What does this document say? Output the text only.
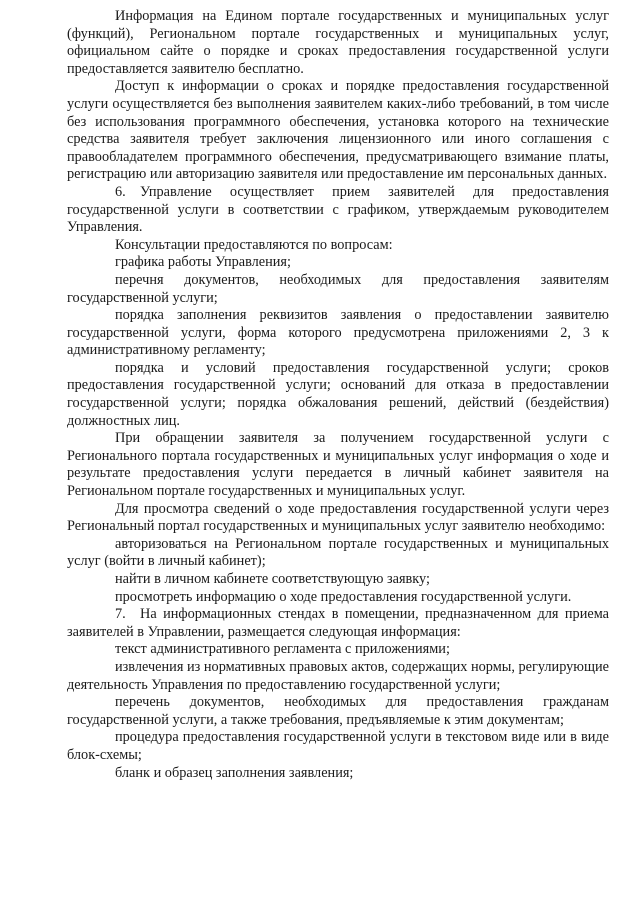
Информация на Едином портале государственных и муниципальных услуг (функций), Региональном портале государственных и муниципальных услуг, официальном сайте о порядке и сроках предоставления государственной услуги предоставляется заявителю бесплатно.

Доступ к информации о сроках и порядке предоставления государственной услуги осуществляется без выполнения заявителем каких-либо требований, в том числе без использования программного обеспечения, установка которого на технические средства заявителя требует заключения лицензионного или иного соглашения с правообладателем программного обеспечения, предусматривающего взимание платы, регистрацию или авторизацию заявителя или предоставление им персональных данных.

6. Управление осуществляет прием заявителей для предоставления государственной услуги в соответствии с графиком, утверждаемым руководителем Управления.

Консультации предоставляются по вопросам:

графика работы Управления;

перечня документов, необходимых для предоставления заявителям государственной услуги;

порядка заполнения реквизитов заявления о предоставлении заявителю государственной услуги, форма которого предусмотрена приложениями 2, 3 к административному регламенту;

порядка и условий предоставления государственной услуги; сроков предоставления государственной услуги; оснований для отказа в предоставлении государственной услуги; порядка обжалования решений, действий (бездействия) должностных лиц.

При обращении заявителя за получением государственной услуги с Регионального портала государственных и муниципальных услуг информация о ходе и результате предоставления услуги передается в личный кабинет заявителя на Региональном портале государственных и муниципальных услуг.

Для просмотра сведений о ходе предоставления государственной услуги через Региональный портал государственных и муниципальных услуг заявителю необходимо:

авторизоваться на Региональном портале государственных и муниципальных услуг (войти в личный кабинет);

найти в личном кабинете соответствующую заявку;

просмотреть информацию о ходе предоставления государственной услуги.

7. На информационных стендах в помещении, предназначенном для приема заявителей в Управлении, размещается следующая информация:

текст административного регламента с приложениями;

извлечения из нормативных правовых актов, содержащих нормы, регулирующие деятельность Управления по предоставлению государственной услуги;

перечень документов, необходимых для предоставления гражданам государственной услуги, а также требования, предъявляемые к этим документам;

процедура предоставления государственной услуги в текстовом виде или в виде блок-схемы;

бланк и образец заполнения заявления;
